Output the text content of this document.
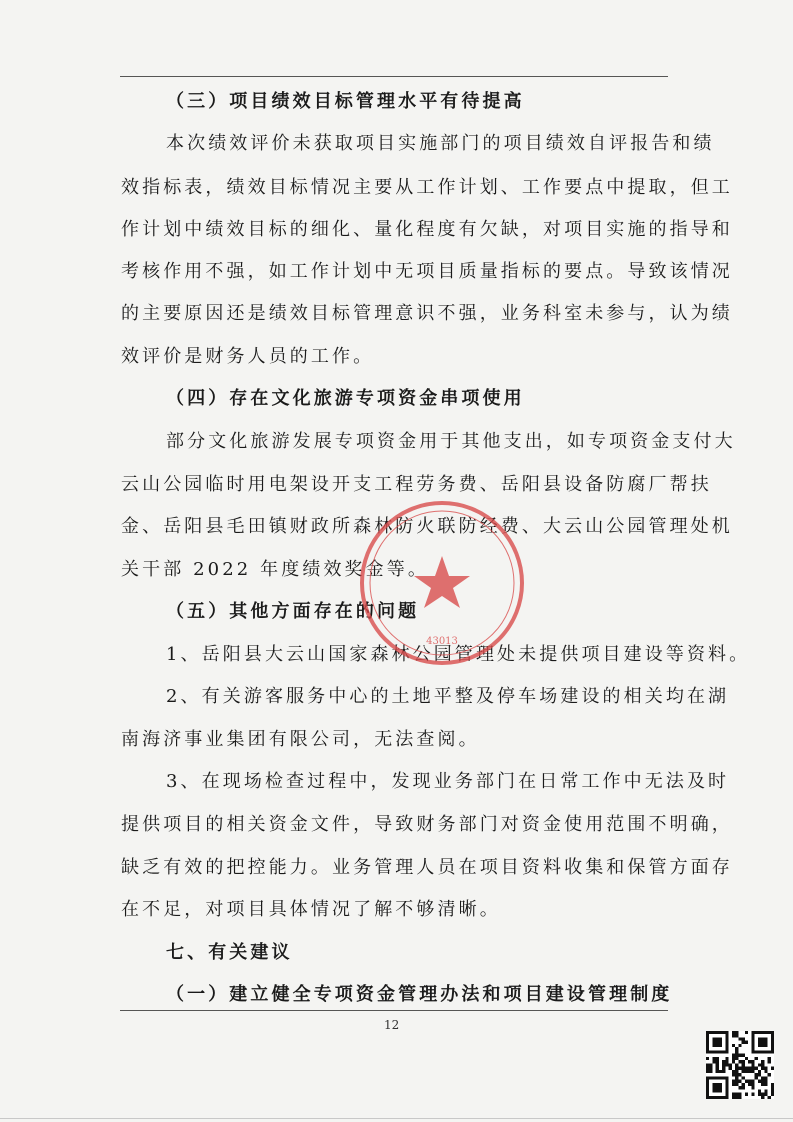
（三）项目绩效目标管理水平有待提高
本次绩效评价未获取项目实施部门的项目绩效自评报告和绩
效指标表，绩效目标情况主要从工作计划、工作要点中提取，但工
作计划中绩效目标的细化、量化程度有欠缺，对项目实施的指导和
考核作用不强，如工作计划中无项目质量指标的要点。导致该情况
的主要原因还是绩效目标管理意识不强，业务科室未参与，认为绩
效评价是财务人员的工作。
（四）存在文化旅游专项资金串项使用
部分文化旅游发展专项资金用于其他支出，如专项资金支付大
云山公园临时用电架设开支工程劳务费、岳阳县设备防腐厂帮扶
金、岳阳县毛田镇财政所森林防火联防经费、大云山公园管理处机
关干部 2022 年度绩效奖金等。
（五）其他方面存在的问题
1、岳阳县大云山国家森林公园管理处未提供项目建设等资料。
2、有关游客服务中心的土地平整及停车场建设的相关均在湖
南海济事业集团有限公司，无法查阅。
3、在现场检查过程中，发现业务部门在日常工作中无法及时
提供项目的相关资金文件，导致财务部门对资金使用范围不明确，
缺乏有效的把控能力。业务管理人员在项目资料收集和保管方面存
在不足，对项目具体情况了解不够清晰。
七、有关建议
（一）建立健全专项资金管理办法和项目建设管理制度
12
43013
